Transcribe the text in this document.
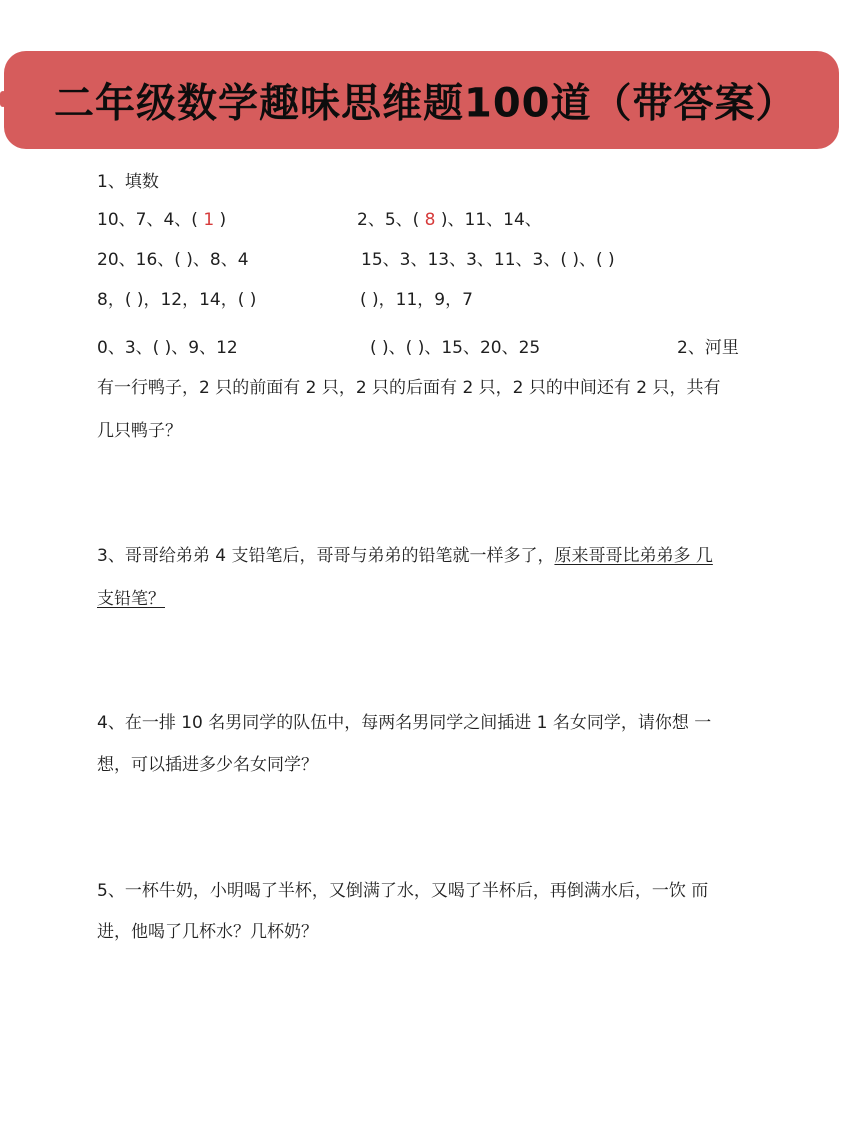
二年级数学趣味思维题100道（带答案）
1、填数
10、7、4、( 1 )	2、5、( 8 )、11、14、
20、16、( )、8、4	15、3、13、3、11、3、( )、( )
8，( )，12，14，( )	( )，11，9，7
0、3、( )、9、12	( )、( )、15、20、25	2、河里
有一行鸭子，2 只的前面有 2 只，2 只的后面有 2 只，2 只的中间还有 2 只，共有
几只鸭子？
3、哥哥给弟弟 4 支铅笔后，哥哥与弟弟的铅笔就一样多了，原来哥哥比弟弟多 几
支铅笔？
4、在一排 10 名男同学的队伍中，每两名男同学之间插进 1 名女同学，请你想 一
想，可以插进多少名女同学？
5、一杯牛奶，小明喝了半杯，又倒满了水，又喝了半杯后，再倒满水后，一饮 而
进，他喝了几杯水？几杯奶？
